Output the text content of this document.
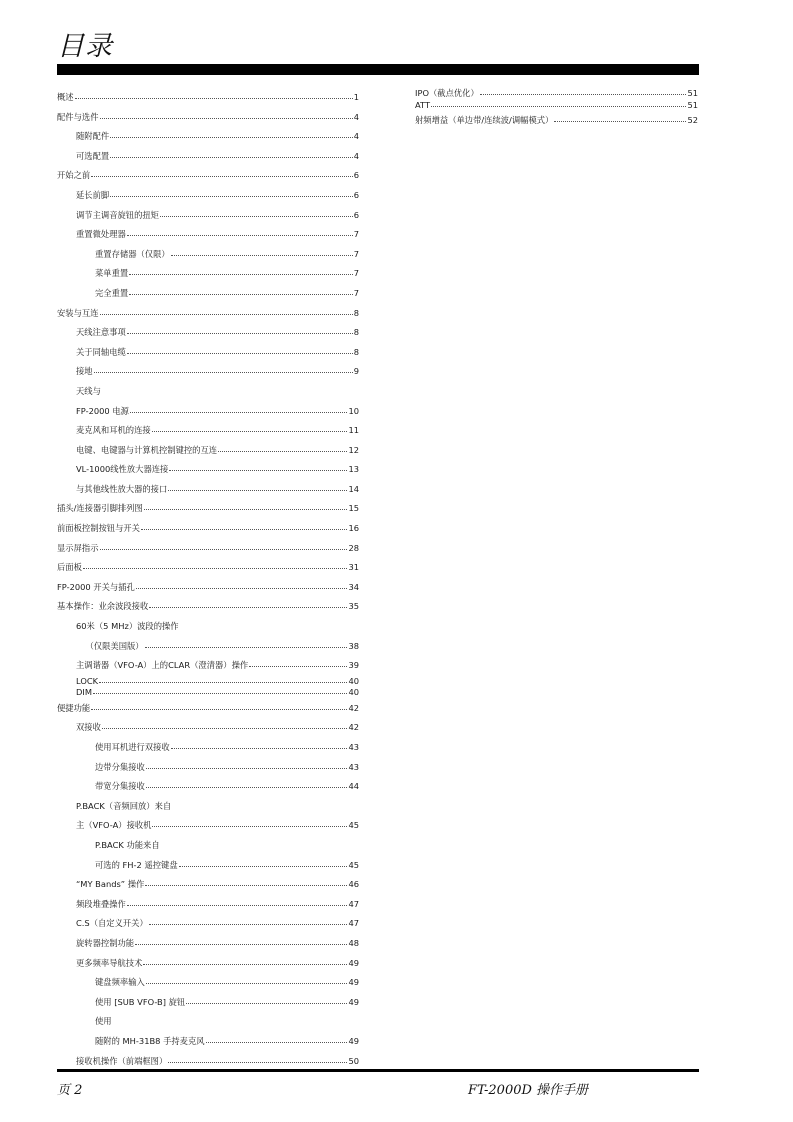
目录
概述	1
配件与选件	4
随附配件	4
可选配置	4
开始之前	6
延长前脚	6
调节主调音旋钮的扭矩	6
重置微处理器	7
重置存储器（仅限）	7
菜单重置	7
完全重置	7
安装与互连	8
天线注意事项	8
关于同轴电缆	8
接地	9
天线与
FP-2000 电源	10
麦克风和耳机的连接	11
电键、电键器与计算机控制键控的互连	12
VL-1000线性放大器连接	13
与其他线性放大器的接口	14
插头/连接器引脚排列图	15
前面板控制按钮与开关	16
显示屏指示	28
后面板	31
FP-2000 开关与插孔	34
基本操作：业余波段接收	35
60米（5 MHz）波段的操作
（仅限美国版）	38
主调谐器（VFO-A）上的CLAR（澄清器）操作	39
LOCK	40
DIM	40
便捷功能	42
双接收	42
使用耳机进行双接收	43
边带分集接收	43
带宽分集接收	44
P.BACK（音频回放）来自
主（VFO-A）接收机	45
P.BACK 功能来自
可选的 FH-2 遥控键盘	45
“MY Bands” 操作	46
频段堆叠操作	47
C.S（自定义开关）	47
旋转器控制功能	48
更多频率导航技术	49
键盘频率输入	49
使用 [SUB VFO-B] 旋钮	49
使用
随附的 MH-31B8 手持麦克风	49
接收机操作（前端框图）	50
IPO（截点优化）	51
ATT	51
射频增益（单边带/连续波/调幅模式）	52
页 2	FT-2000D 操作手册
